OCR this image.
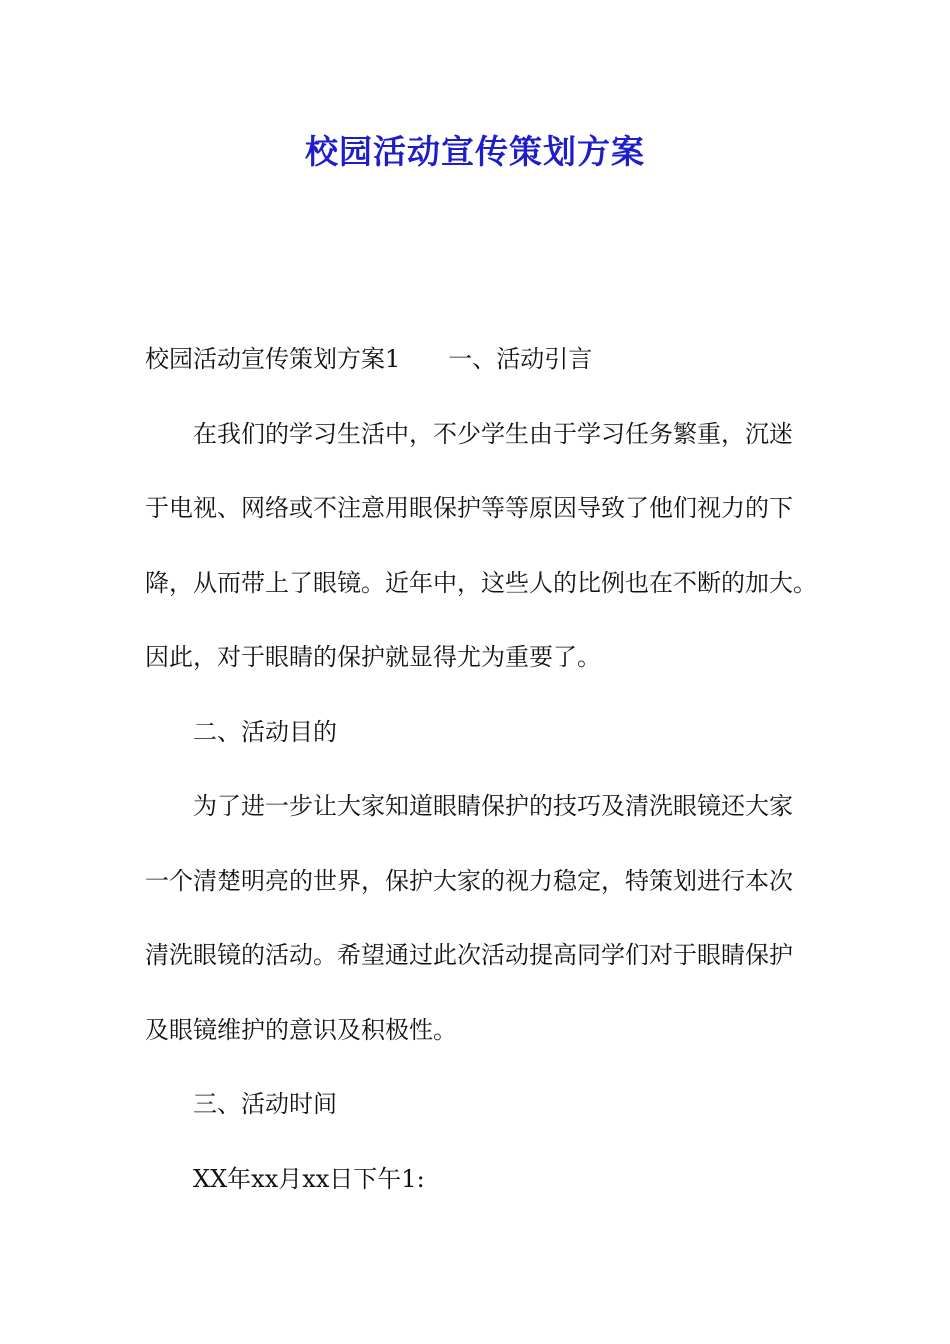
校园活动宣传策划方案

校园活动宣传策划方案1 一、活动引言

在我们的学习生活中，不少学生由于学习任务繁重，沉迷

于电视、网络或不注意用眼保护等等原因导致了他们视力的下

降，从而带上了眼镜。近年中，这些人的比例也在不断的加大。

因此，对于眼睛的保护就显得尤为重要了。

二、活动目的

为了进一步让大家知道眼睛保护的技巧及清洗眼镜还大家

一个清楚明亮的世界，保护大家的视力稳定，特策划进行本次

清洗眼镜的活动。希望通过此次活动提高同学们对于眼睛保护

及眼镜维护的意识及积极性。

三、活动时间

XX年xx月xx日下午1:
